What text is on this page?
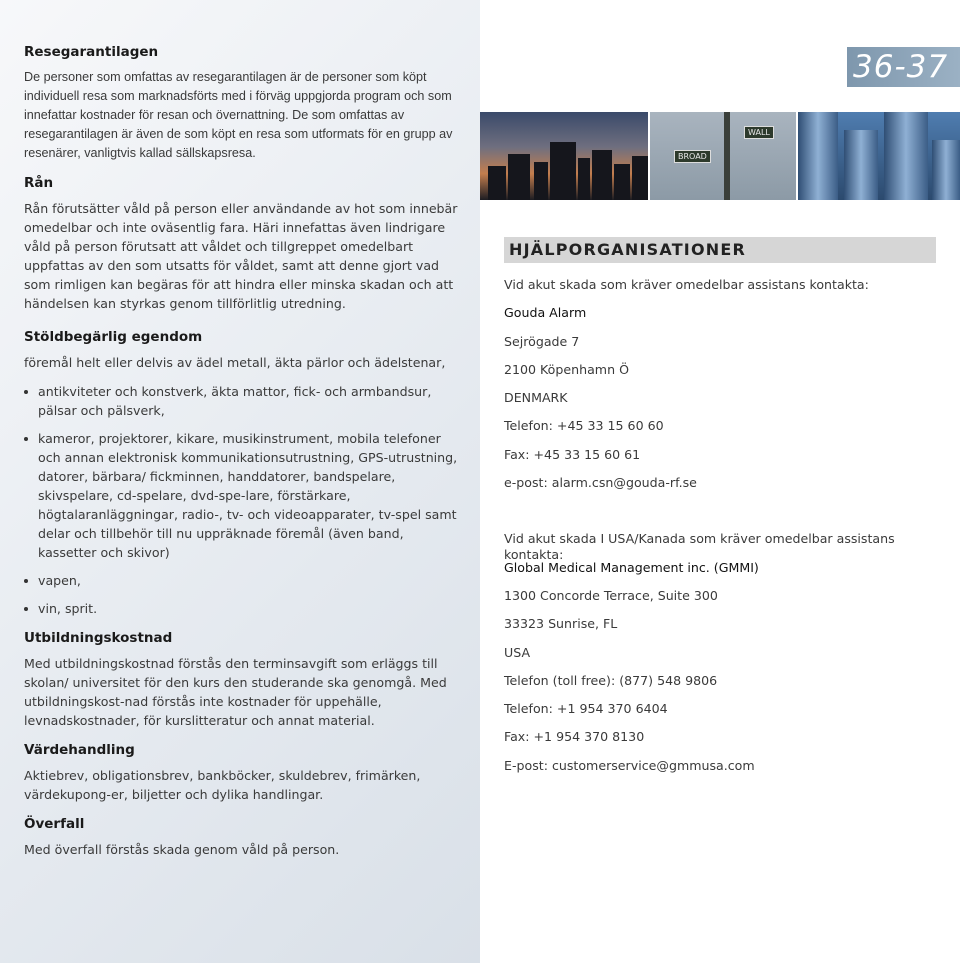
Resegarantilagen

De personer som omfattas av resegarantilagen är de personer som köpt individuell resa som marknadsförts med i förväg uppgjorda program och som innefattar kostnader för resan och övernattning. De som omfattas av resegarantilagen är även de som köpt en resa som utformats för en grupp av resenärer, vanligtvis kallad sällskapsresa.

Rån

Rån förutsätter våld på person eller användande av hot som innebär omedelbar och inte oväsentlig fara. Häri innefattas även lindrigare våld på person förutsatt att våldet och tillgreppet omedelbart uppfattas av den som utsatts för våldet, samt att denne gjort vad som rimligen kan begäras för att hindra eller minska skadan och att händelsen kan styrkas genom tillförlitlig utredning.

Stöldbegärlig egendom

föremål helt eller delvis av ädel metall, äkta pärlor och ädelstenar,

antikviteter och konstverk, äkta mattor, fick- och armbandsur, pälsar och pälsverk,
kameror, projektorer, kikare, musikinstrument, mobila telefoner och annan elektronisk kommunikationsutrustning, GPS-utrustning, datorer, bärbara/ fickminnen, handdatorer, bandspelare, skivspelare, cd-spelare, dvd-spe-lare, förstärkare, högtalaranläggningar, radio-, tv- och videoapparater, tv-spel samt delar och tillbehör till nu uppräknade föremål (även band, kassetter och skivor)
vapen,
vin, sprit.
Utbildningskostnad

Med utbildningskostnad förstås den terminsavgift som erläggs till skolan/ universitet för den kurs den studerande ska genomgå. Med utbildningskost-nad förstås inte kostnader för uppehälle, levnadskostnader, för kurslitteratur och annat material.

Värdehandling

Aktiebrev, obligationsbrev, bankböcker, skuldebrev, frimärken, värdekupong-er, biljetter och dylika handlingar.

Överfall

Med överfall förstås skada genom våld på person.

36-37
WALL
BROAD
HJÄLPORGANISATIONER

Vid akut skada som kräver omedelbar assistans kontakta:

Gouda Alarm

Sejrögade 7

2100 Köpenhamn Ö

DENMARK

Telefon: +45 33 15 60 60

Fax: +45 33 15 60 61

e-post: alarm.csn@gouda-rf.se

Vid akut skada I USA/Kanada som kräver omedelbar assistans kontakta:

Global Medical Management inc. (GMMI)

1300 Concorde Terrace, Suite 300

33323 Sunrise, FL

USA

Telefon (toll free): (877) 548 9806

Telefon: +1 954 370 6404

Fax: +1 954 370 8130

E-post: customerservice@gmmusa.com
